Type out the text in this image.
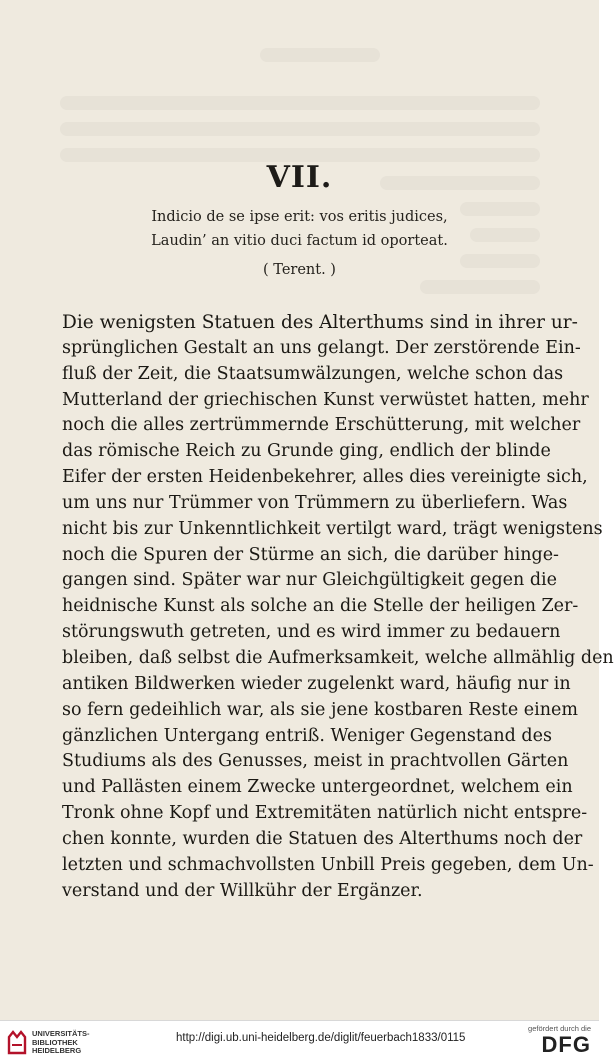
VII.
Indicio de se ipse erit: vos eritis judices,
Laudin’ an vitio duci factum id oporteat.
( Terent. )

Die wenigsten Statuen des Alterthums sind in ihrer ur-
sprünglichen Gestalt an uns gelangt. Der zerstörende Ein-
fluß der Zeit, die Staatsumwälzungen, welche schon das
Mutterland der griechischen Kunst verwüstet hatten, mehr
noch die alles zertrümmernde Erschütterung, mit welcher
das römische Reich zu Grunde ging, endlich der blinde
Eifer der ersten Heidenbekehrer, alles dies vereinigte sich,
um uns nur Trümmer von Trümmern zu überliefern. Was
nicht bis zur Unkenntlichkeit vertilgt ward, trägt wenigstens
noch die Spuren der Stürme an sich, die darüber hinge-
gangen sind. Später war nur Gleichgültigkeit gegen die
heidnische Kunst als solche an die Stelle der heiligen Zer-
störungswuth getreten, und es wird immer zu bedauern
bleiben, daß selbst die Aufmerksamkeit, welche allmählig den
antiken Bildwerken wieder zugelenkt ward, häufig nur in
so fern gedeihlich war, als sie jene kostbaren Reste einem
gänzlichen Untergang entriß. Weniger Gegenstand des
Studiums als des Genusses, meist in prachtvollen Gärten
und Pallästen einem Zwecke untergeordnet, welchem ein
Tronk ohne Kopf und Extremitäten natürlich nicht entspre-
chen konnte, wurden die Statuen des Alterthums noch der
letzten und schmachvollsten Unbill Preis gegeben, dem Un-
verstand und der Willkühr der Ergänzer.

UNIVERSITÄTS-
BIBLIOTHEK
HEIDELBERG
http://digi.ub.uni-heidelberg.de/diglit/feuerbach1833/0115
gefördert durch die
DFG
